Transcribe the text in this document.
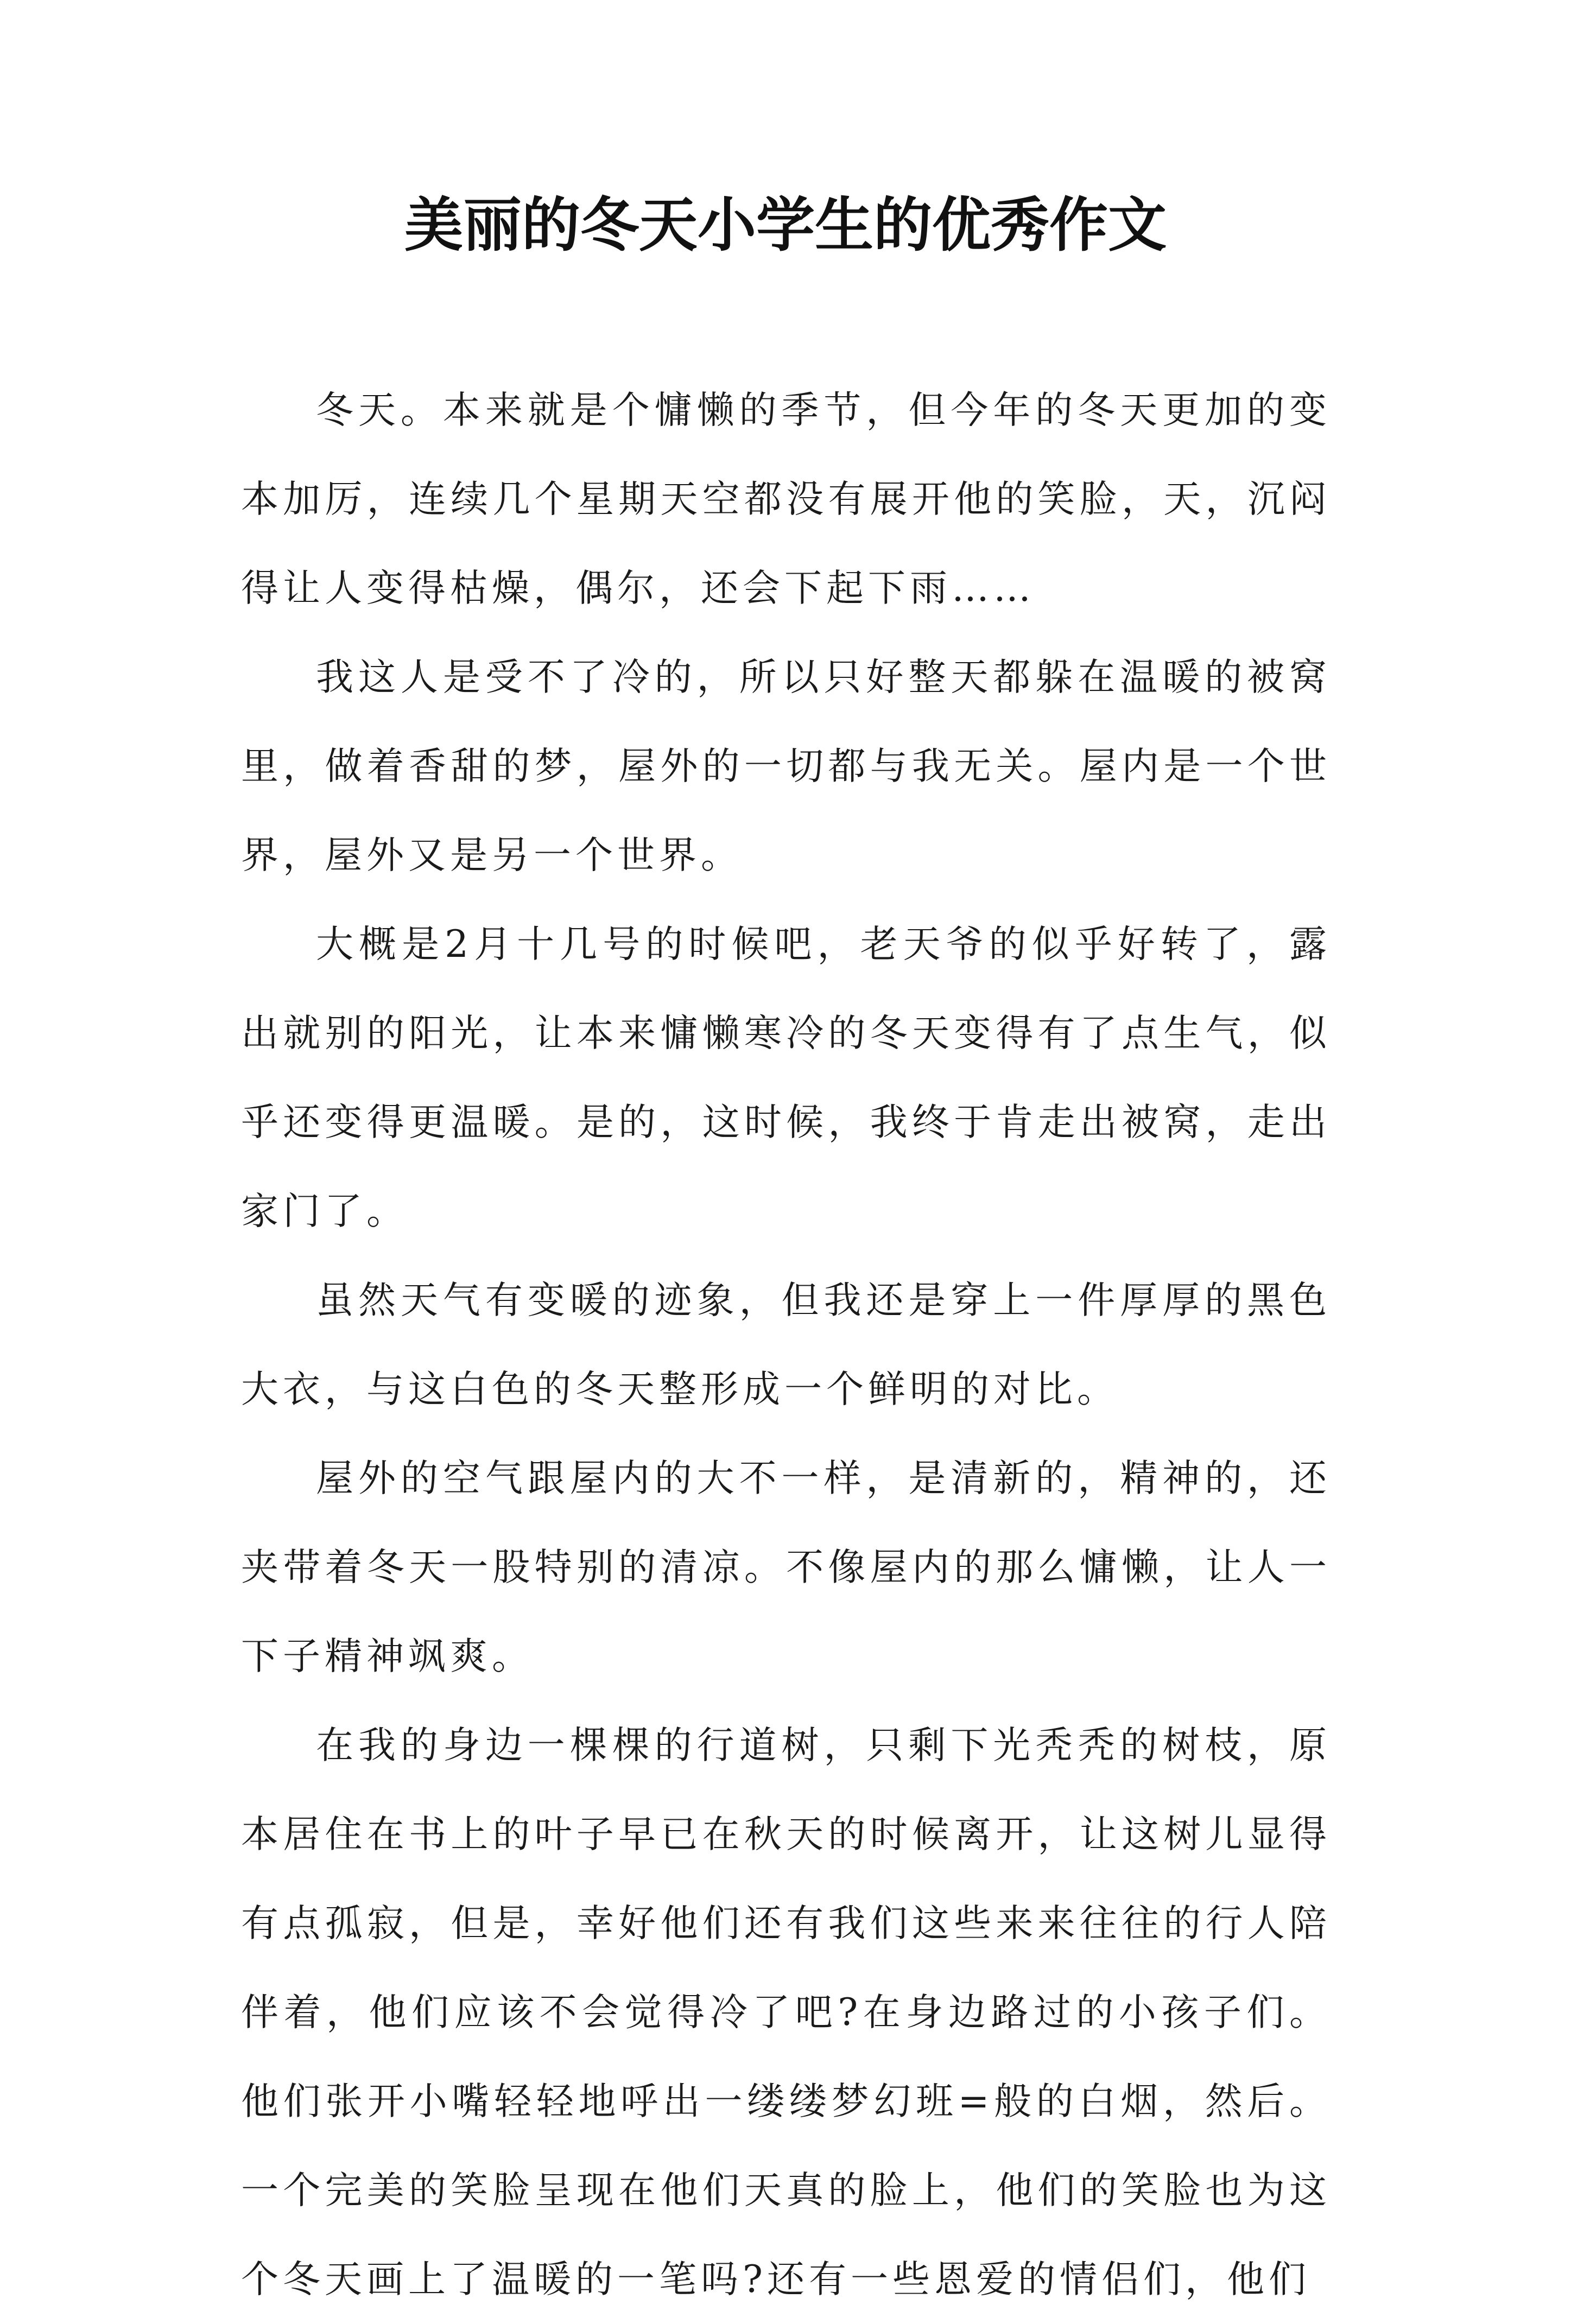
美丽的冬天小学生的优秀作文

冬天。本来就是个慵懒的季节，但今年的冬天更加的变本加厉，连续几个星期天空都没有展开他的笑脸，天，沉闷得让人变得枯燥，偶尔，还会下起下雨……

我这人是受不了冷的，所以只好整天都躲在温暖的被窝里，做着香甜的梦，屋外的一切都与我无关。屋内是一个世界，屋外又是另一个世界。

大概是2月十几号的时候吧，老天爷的似乎好转了，露出就别的阳光，让本来慵懒寒冷的冬天变得有了点生气，似乎还变得更温暖。是的，这时候，我终于肯走出被窝，走出家门了。

虽然天气有变暖的迹象，但我还是穿上一件厚厚的黑色大衣，与这白色的冬天整形成一个鲜明的对比。

屋外的空气跟屋内的大不一样，是清新的，精神的，还夹带着冬天一股特别的清凉。不像屋内的那么慵懒，让人一下子精神飒爽。

在我的身边一棵棵的行道树，只剩下光秃秃的树枝，原本居住在书上的叶子早已在秋天的时候离开，让这树儿显得有点孤寂，但是，幸好他们还有我们这些来来往往的行人陪伴着，他们应该不会觉得冷了吧?在身边路过的小孩子们。他们张开小嘴轻轻地呼出一缕缕梦幻班=般的白烟，然后。一个完美的笑脸呈现在他们天真的脸上，他们的笑脸也为这个冬天画上了温暖的一笔吗?还有一些恩爱的情侣们，他们
